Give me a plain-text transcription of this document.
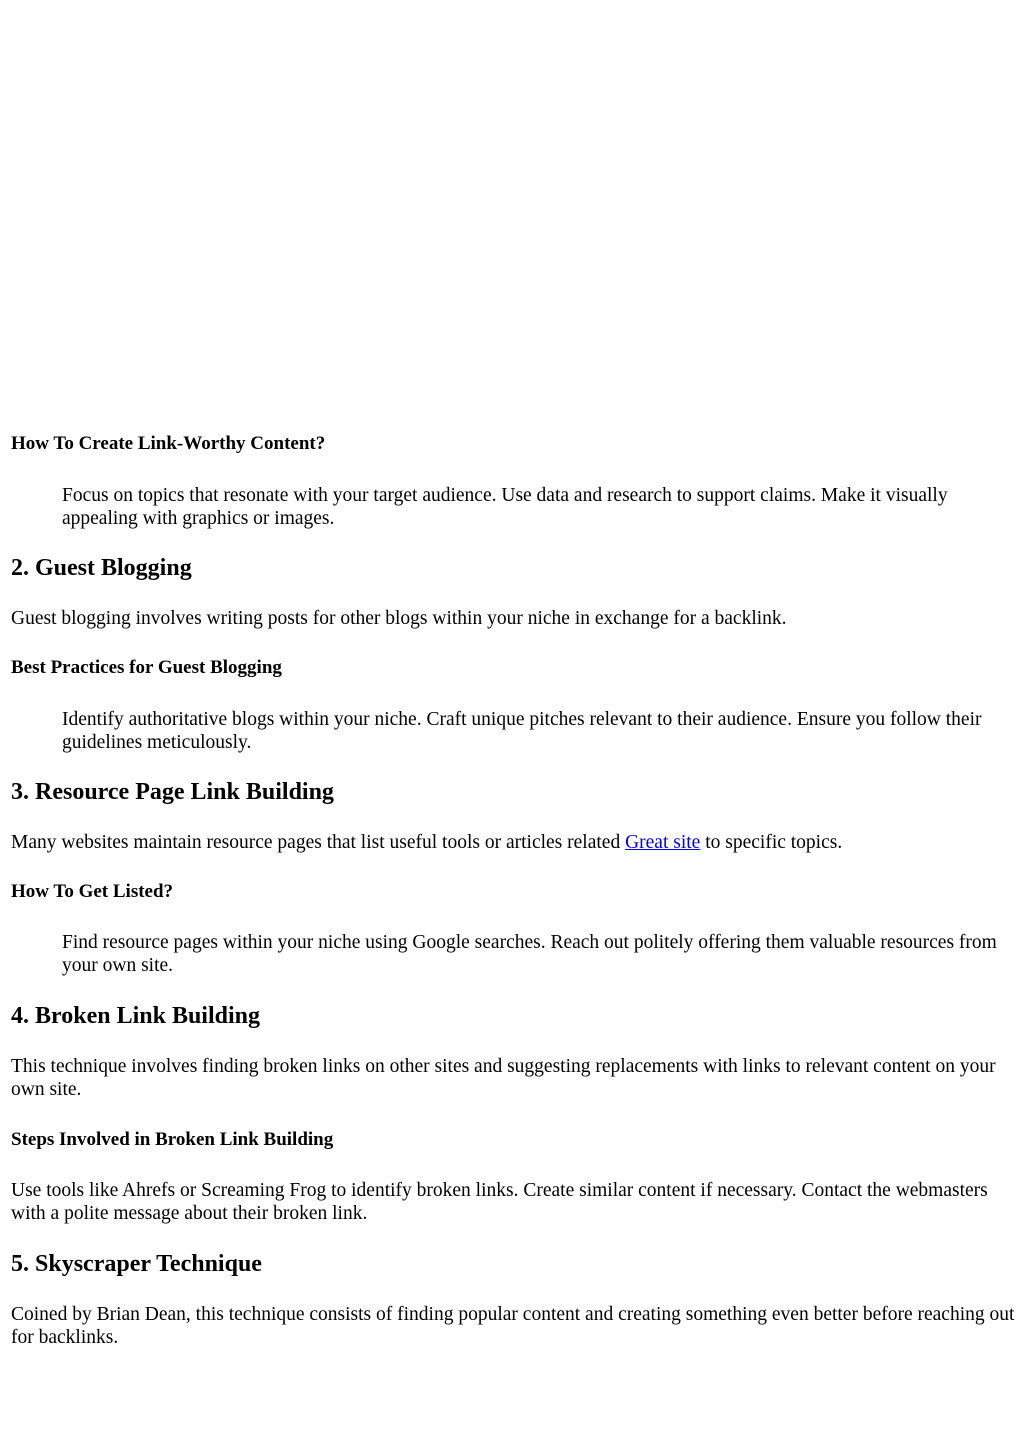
How To Create Link-Worthy Content?
Focus on topics that resonate with your target audience. Use data and research to support claims. Make it visually appealing with graphics or images.
2. Guest Blogging

Guest blogging involves writing posts for other blogs within your niche in exchange for a backlink.

Best Practices for Guest Blogging
Identify authoritative blogs within your niche. Craft unique pitches relevant to their audience. Ensure you follow their guidelines meticulously.
3. Resource Page Link Building

Many websites maintain resource pages that list useful tools or articles related Great site to specific topics.

How To Get Listed?
Find resource pages within your niche using Google searches. Reach out politely offering them valuable resources from your own site.
4. Broken Link Building

This technique involves finding broken links on other sites and suggesting replacements with links to relevant content on your own site.

Steps Involved in Broken Link Building

Use tools like Ahrefs or Screaming Frog to identify broken links. Create similar content if necessary. Contact the webmasters with a polite message about their broken link.

5. Skyscraper Technique

Coined by Brian Dean, this technique consists of finding popular content and creating something even better before reaching out for backlinks.
